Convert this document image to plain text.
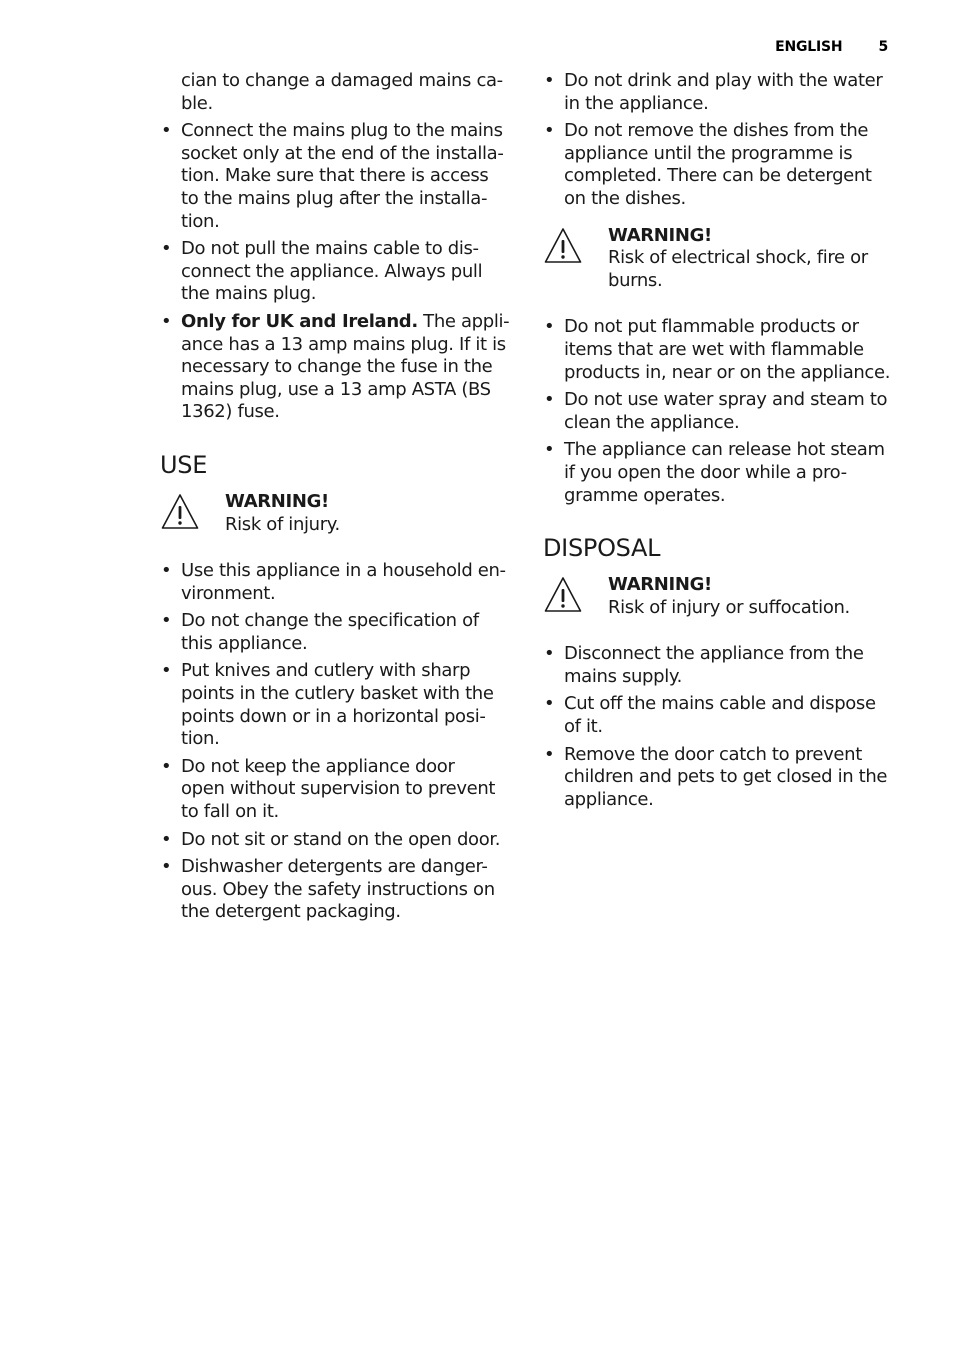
ENGLISH	5
cian to change a damaged mains ca-
ble.
• Connect the mains plug to the mains
socket only at the end of the installa-
tion. Make sure that there is access
to the mains plug after the installa-
tion.
• Do not pull the mains cable to dis-
connect the appliance. Always pull
the mains plug.
• Only for UK and Ireland. The appli-
ance has a 13 amp mains plug. If it is
necessary to change the fuse in the
mains plug, use a 13 amp ASTA (BS
1362) fuse.
USE
WARNING!
Risk of injury.
• Use this appliance in a household en-
vironment.
• Do not change the specification of
this appliance.
• Put knives and cutlery with sharp
points in the cutlery basket with the
points down or in a horizontal posi-
tion.
• Do not keep the appliance door
open without supervision to prevent
to fall on it.
• Do not sit or stand on the open door.
• Dishwasher detergents are danger-
ous. Obey the safety instructions on
the detergent packaging.
• Do not drink and play with the water
in the appliance.
• Do not remove the dishes from the
appliance until the programme is
completed. There can be detergent
on the dishes.
WARNING!
Risk of electrical shock, fire or
burns.
• Do not put flammable products or
items that are wet with flammable
products in, near or on the appliance.
• Do not use water spray and steam to
clean the appliance.
• The appliance can release hot steam
if you open the door while a pro-
gramme operates.
DISPOSAL
WARNING!
Risk of injury or suffocation.
• Disconnect the appliance from the
mains supply.
• Cut off the mains cable and dispose
of it.
• Remove the door catch to prevent
children and pets to get closed in the
appliance.
